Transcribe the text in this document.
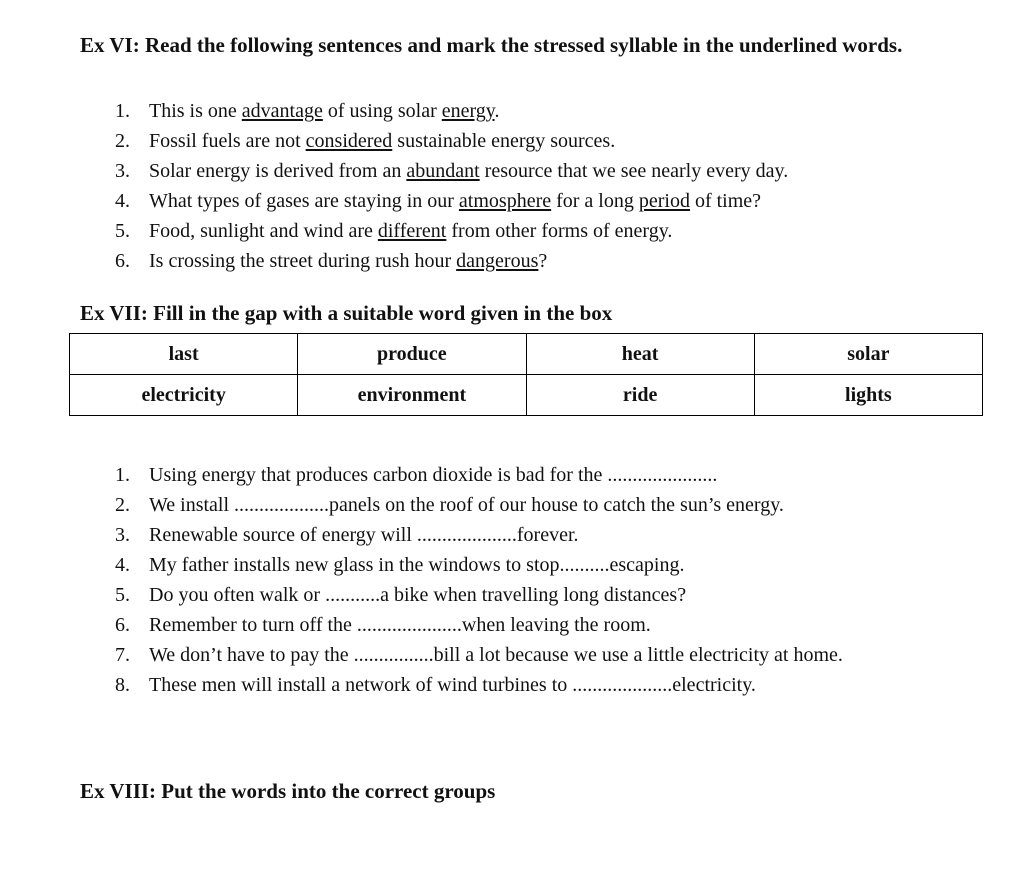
Ex VI: Read the following sentences and mark the stressed syllable in the underlined words.

1. This is one advantage of using solar energy.
2. Fossil fuels are not considered sustainable energy sources.
3. Solar energy is derived from an abundant resource that we see nearly every day.
4. What types of gases are staying in our atmosphere for a long period of time?
5. Food, sunlight and wind are different from other forms of energy.
6. Is crossing the street during rush hour dangerous?

Ex VII: Fill in the gap with a suitable word given in the box

last	produce	heat	solar
electricity	environment	ride	lights
1. Using energy that produces carbon dioxide is bad for the ......................
2. We install ...................panels on the roof of our house to catch the sun’s energy.
3. Renewable source of energy will ....................forever.
4. My father installs new glass in the windows to stop..........escaping.
5. Do you often walk or ...........a bike when travelling long distances?
6. Remember to turn off the .....................when leaving the room.
7. We don’t have to pay the ................bill a lot because we use a little electricity at home.
8. These men will install a network of wind turbines to ....................electricity.

Ex VIII: Put the words into the correct groups
